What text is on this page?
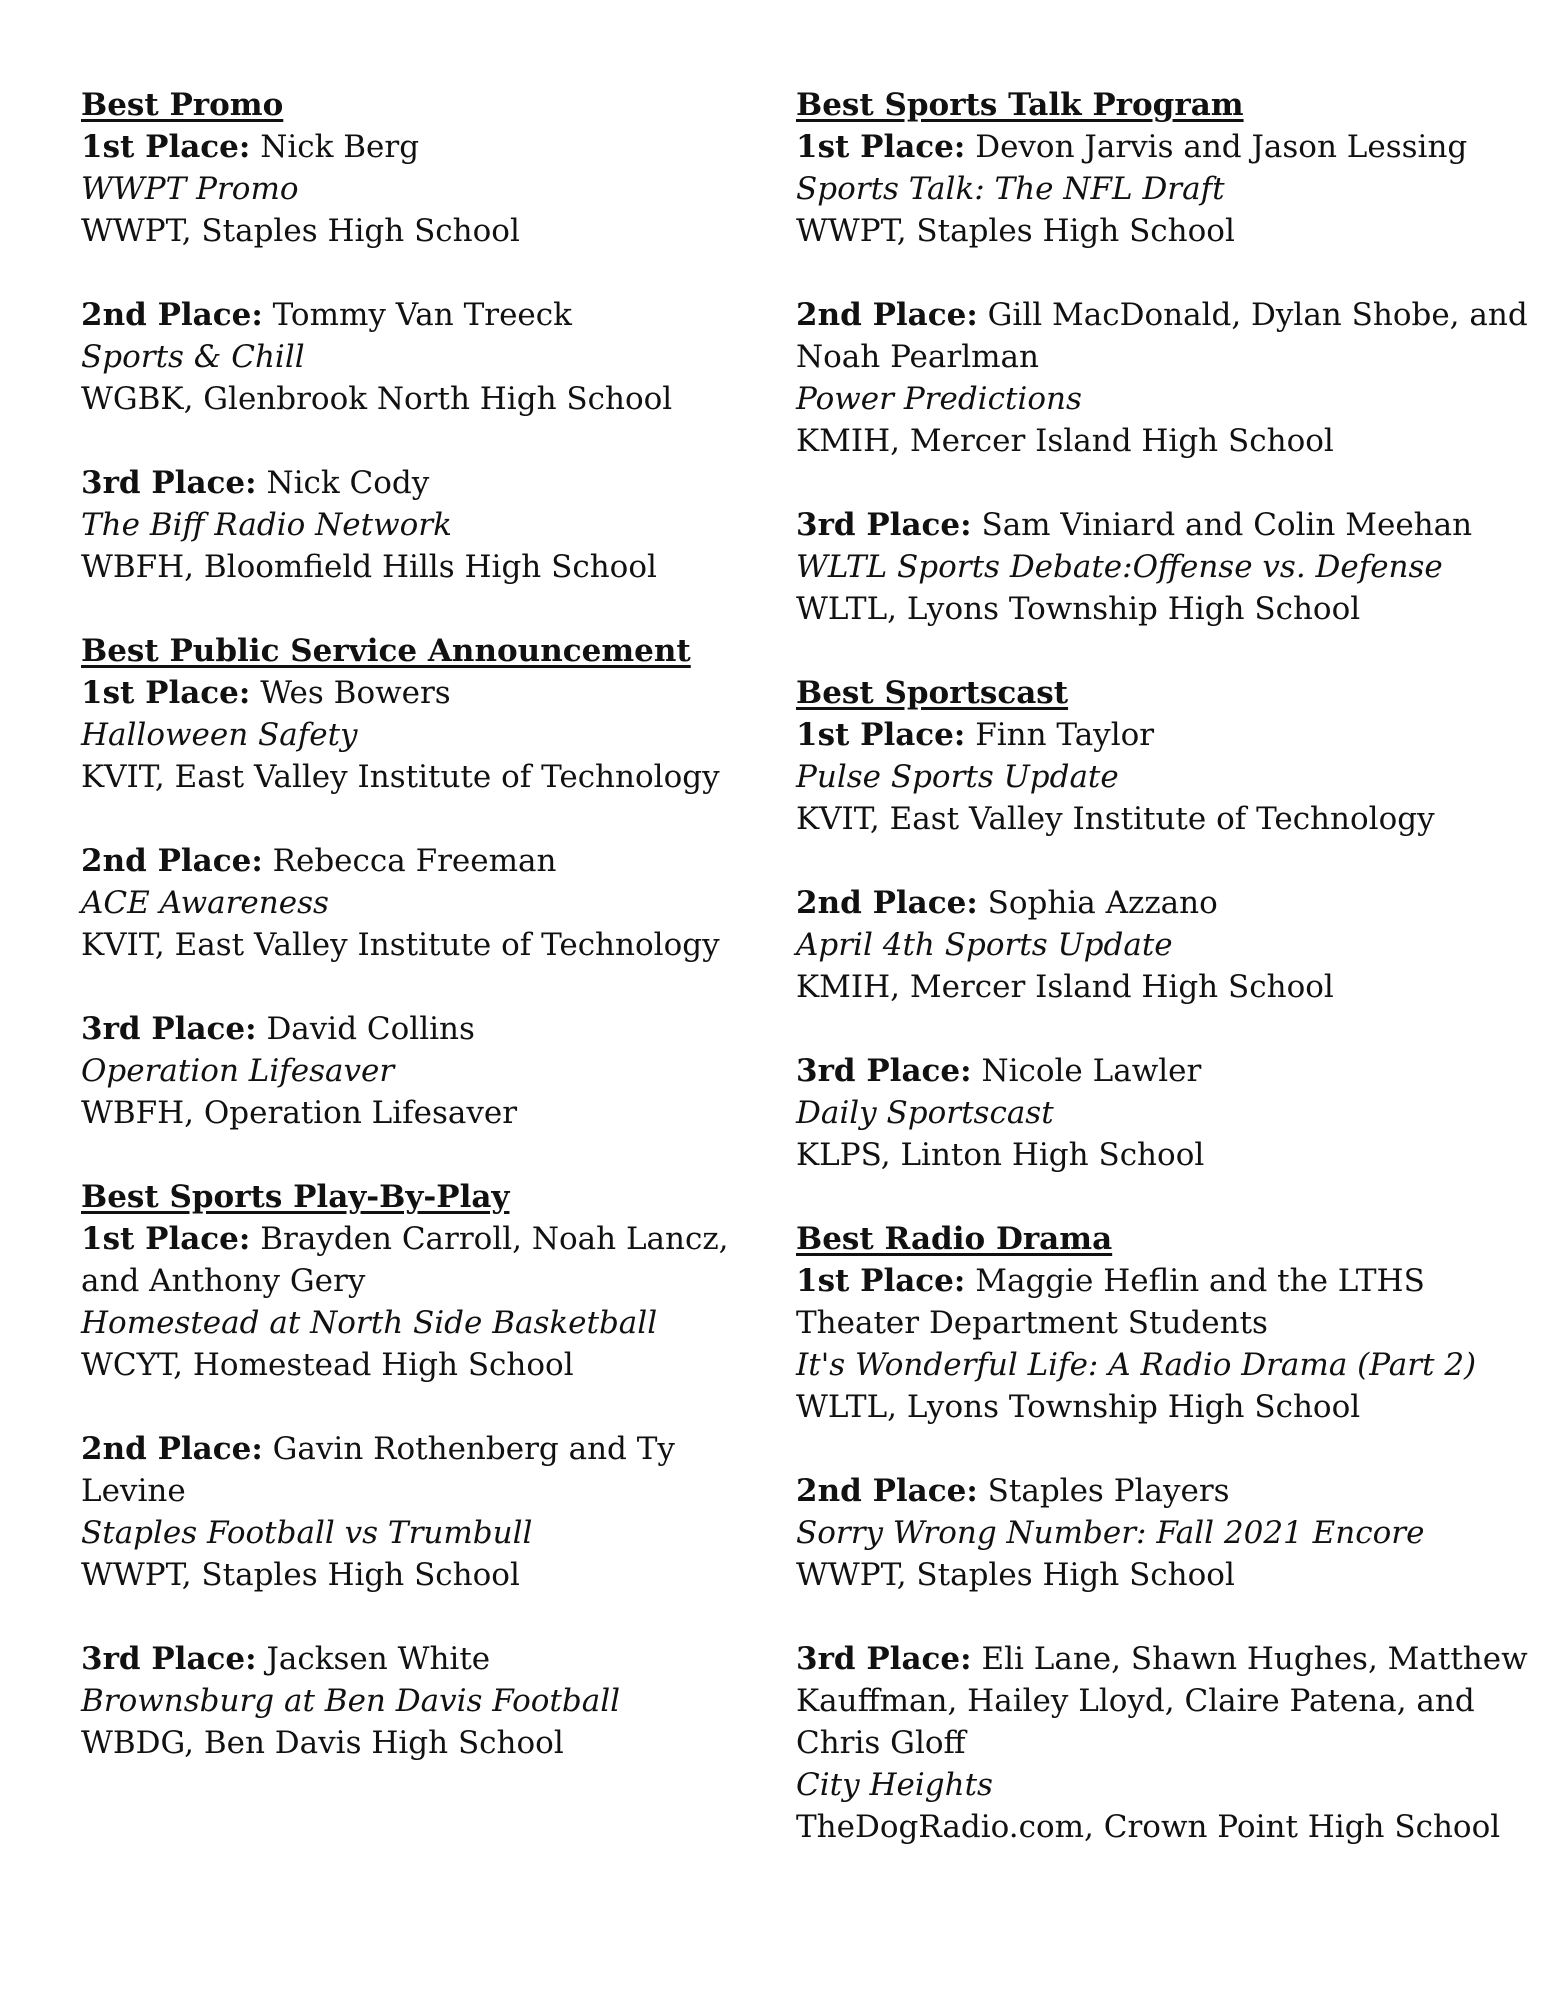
Best Promo
1st Place: Nick Berg
WWPT Promo
WWPT, Staples High School
2nd Place: Tommy Van Treeck
Sports & Chill
WGBK, Glenbrook North High School
3rd Place: Nick Cody
The Biff Radio Network
WBFH, Bloomfield Hills High School
Best Public Service Announcement
1st Place: Wes Bowers
Halloween Safety
KVIT, East Valley Institute of Technology
2nd Place: Rebecca Freeman
ACE Awareness
KVIT, East Valley Institute of Technology
3rd Place: David Collins
Operation Lifesaver
WBFH, Operation Lifesaver
Best Sports Play-By-Play
1st Place: Brayden Carroll, Noah Lancz, and Anthony Gery
Homestead at North Side Basketball
WCYT, Homestead High School
2nd Place: Gavin Rothenberg and Ty Levine
Staples Football vs Trumbull
WWPT, Staples High School
3rd Place: Jacksen White
Brownsburg at Ben Davis Football
WBDG, Ben Davis High School
Best Sports Talk Program
1st Place: Devon Jarvis and Jason Lessing
Sports Talk: The NFL Draft
WWPT, Staples High School
2nd Place: Gill MacDonald, Dylan Shobe, and Noah Pearlman
Power Predictions
KMIH, Mercer Island High School
3rd Place: Sam Viniard and Colin Meehan
WLTL Sports Debate:Offense vs. Defense
WLTL, Lyons Township High School
Best Sportscast
1st Place: Finn Taylor
Pulse Sports Update
KVIT, East Valley Institute of Technology
2nd Place: Sophia Azzano
April 4th Sports Update
KMIH, Mercer Island High School
3rd Place: Nicole Lawler
Daily Sportscast
KLPS, Linton High School
Best Radio Drama
1st Place: Maggie Heflin and the LTHS Theater Department Students
It's Wonderful Life: A Radio Drama (Part 2)
WLTL, Lyons Township High School
2nd Place: Staples Players
Sorry Wrong Number: Fall 2021 Encore
WWPT, Staples High School
3rd Place: Eli Lane, Shawn Hughes, Matthew Kauffman, Hailey Lloyd, Claire Patena, and Chris Gloff
City Heights
TheDogRadio.com, Crown Point High School
